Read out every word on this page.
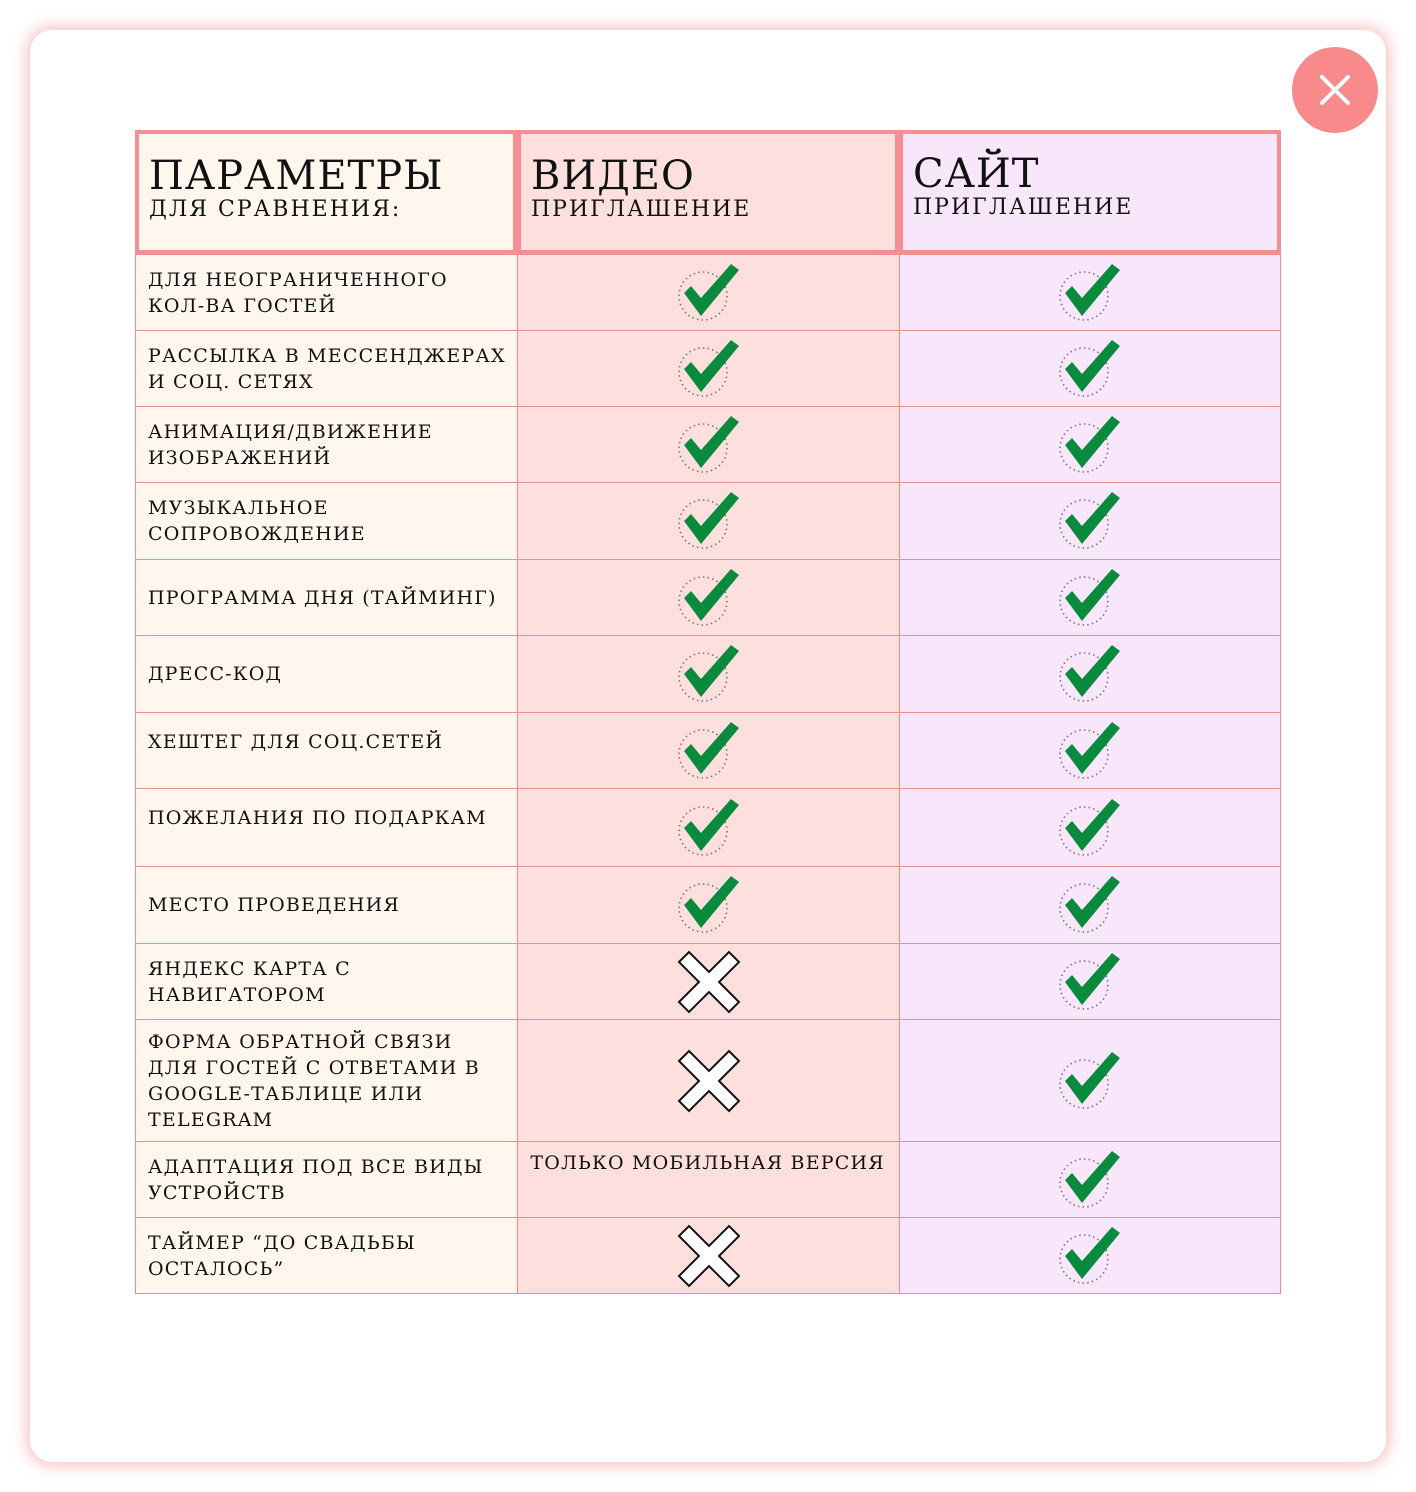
ПАРАМЕТРЫ
ДЛЯ СРАВНЕНИЯ:
ВИДЕО
ПРИГЛАШЕНИЕ
САЙТ
ПРИГЛАШЕНИЕ
ДЛЯ НЕОГРАНИЧЕННОГО КОЛ-ВА ГОСТЕЙ
РАССЫЛКА В МЕССЕНДЖЕРАХ И СОЦ. СЕТЯХ
АНИМАЦИЯ/ДВИЖЕНИЕ ИЗОБРАЖЕНИЙ
МУЗЫКАЛЬНОЕ СОПРОВОЖДЕНИЕ
ПРОГРАММА ДНЯ (ТАЙМИНГ)
ДРЕСС-КОД
ХЕШТЕГ ДЛЯ СОЦ.СЕТЕЙ
ПОЖЕЛАНИЯ ПО ПОДАРКАМ
МЕСТО ПРОВЕДЕНИЯ
ЯНДЕКС КАРТА С НАВИГАТОРОМ
ФОРМА ОБРАТНОЙ СВЯЗИ ДЛЯ ГОСТЕЙ С ОТВЕТАМИ В GOOGLE-ТАБЛИЦЕ ИЛИ TELEGRAM
АДАПТАЦИЯ ПОД ВСЕ ВИДЫ УСТРОЙСТВ
ТОЛЬКО МОБИЛЬНАЯ ВЕРСИЯ
ТАЙМЕР “ДО СВАДЬБЫ ОСТАЛОСЬ”
